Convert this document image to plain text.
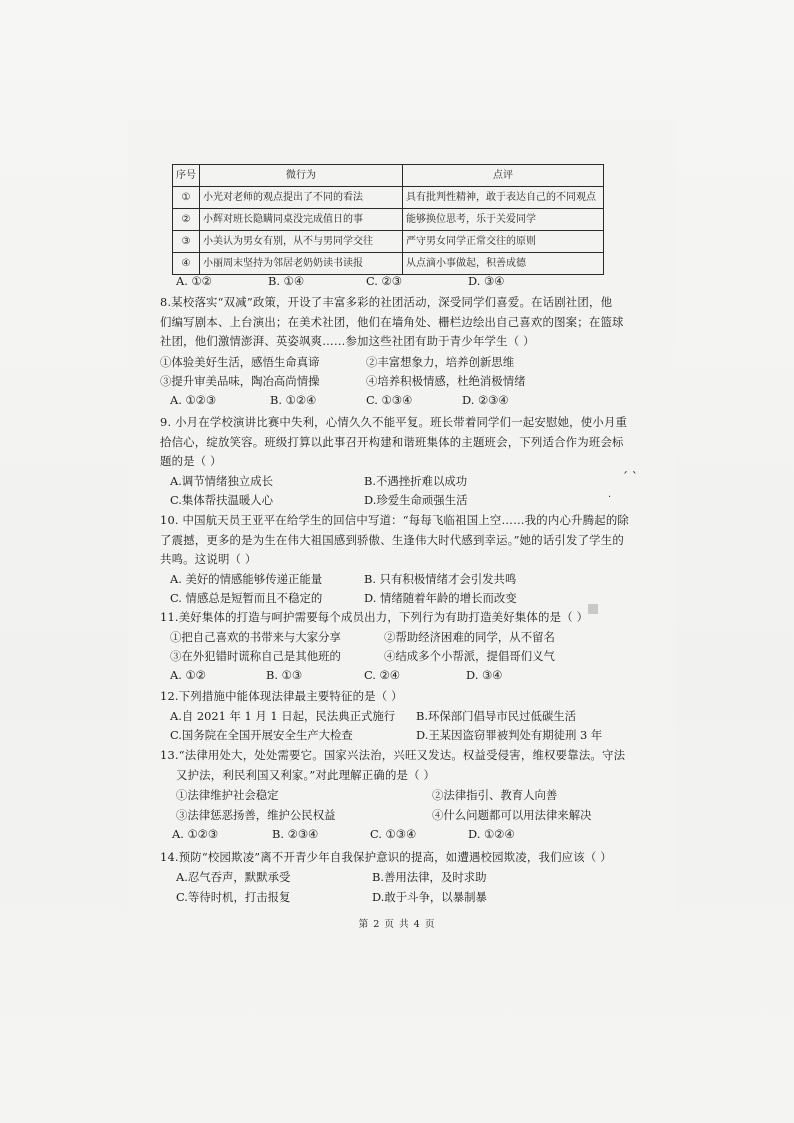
序号	微行为	点评
①	小光对老师的观点提出了不同的看法	具有批判性精神，敢于表达自己的不同观点
②	小辉对班长隐瞒同桌没完成值日的事	能够换位思考，乐于关爱同学
③	小美认为男女有别，从不与男同学交往	严守男女同学正常交往的原则
④	小丽周末坚持为邻居老奶奶读书读报	从点滴小事做起，积善成德
A. ①②	B. ①④	C. ②③	D. ③④
8.某校落实“双减”政策，开设了丰富多彩的社团活动，深受同学们喜爱。在话剧社团，他
们编写剧本、上台演出；在美术社团，他们在墙角处、栅栏边绘出自己喜欢的图案；在篮球
社团，他们激情澎湃、英姿飒爽……参加这些社团有助于青少年学生（ ）
①体验美好生活，感悟生命真谛	②丰富想象力，培养创新思维
③提升审美品味，陶冶高尚情操	④培养积极情感，杜绝消极情绪
A. ①②③	B. ①②④	C. ①③④	D. ②③④
9. 小月在学校演讲比赛中失利，心情久久不能平复。班长带着同学们一起安慰她，使小月重
拾信心，绽放笑容。班级打算以此事召开构建和谐班集体的主题班会，下列适合作为班会标
题的是（ ）
A.调节情绪独立成长	B.不遇挫折难以成功
C.集体帮扶温暖人心	D.珍爱生命顽强生活
10. 中国航天员王亚平在给学生的回信中写道：“每每飞临祖国上空……我的内心升腾起的除
了震撼，更多的是为生在伟大祖国感到骄傲、生逢伟大时代感到幸运。”她的话引发了学生的
共鸣。这说明（ ）
A. 美好的情感能够传递正能量	B. 只有积极情绪才会引发共鸣
C. 情感总是短暂而且不稳定的	D. 情绪随着年龄的增长而改变
11.美好集体的打造与呵护需要每个成员出力，下列行为有助打造美好集体的是（ ）
①把自己喜欢的书带来与大家分享	②帮助经济困难的同学，从不留名
③在外犯错时谎称自己是其他班的	④结成多个小帮派，提倡哥们义气
A. ①②	B. ①③	C. ②④	D. ③④
12.下列措施中能体现法律最主要特征的是（ ）
A.自 2021 年 1 月 1 日起，民法典正式施行 B.环保部门倡导市民过低碳生活
C.国务院在全国开展安全生产大检查	D.王某因盗窃罪被判处有期徒刑 3 年
13.“法律用处大，处处需要它。国家兴法治，兴旺又发达。权益受侵害，维权要靠法。守法
又护法，利民利国又利家。”对此理解正确的是（ ）
①法律维护社会稳定	②法律指引、教育人向善
③法律惩恶扬善，维护公民权益	④什么问题都可以用法律来解决
A. ①②③	B. ②③④	C. ①③④	D. ①②④
14.预防“校园欺凌”离不开青少年自我保护意识的提高，如遭遇校园欺凌，我们应该（ ）
A.忍气吞声，默默承受	B.善用法律，及时求助
C.等待时机，打击报复	D.敢于斗争，以暴制暴
ˊ ˋ
·
第 2 页 共 4 页
